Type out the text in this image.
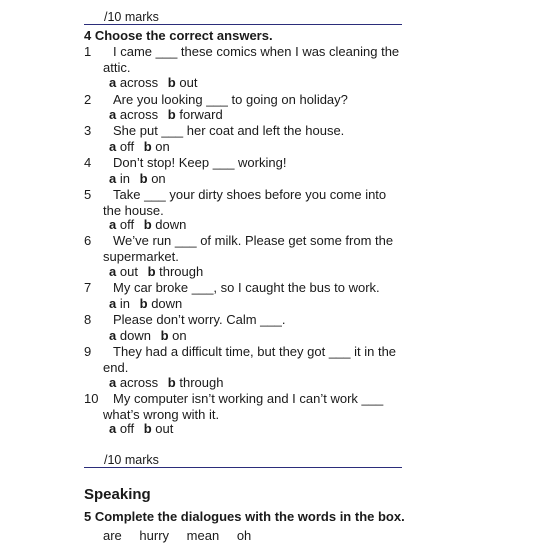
/10 marks
4 Choose the correct answers.
1	I came ___ these comics when I was cleaning the attic.
a across b out
2	Are you looking ___ to going on holiday?
a across b forward
3	She put ___ her coat and left the house.
a off b on
4	Don’t stop! Keep ___ working!
a in b on
5	Take ___ your dirty shoes before you come into the house.
a off b down
6	We’ve run ___ of milk. Please get some from the supermarket.
a out b through
7	My car broke ___, so I caught the bus to work.
a in b down
8	Please don’t worry. Calm ___.
a down b on
9	They had a difficult time, but they got ___ it in the end.
a across b through
10	My computer isn’t working and I can’t work ___ what’s wrong with it.
a off b out
/10 marks
Speaking
5 Complete the dialogues with the words in the box.
are hurry mean oh
